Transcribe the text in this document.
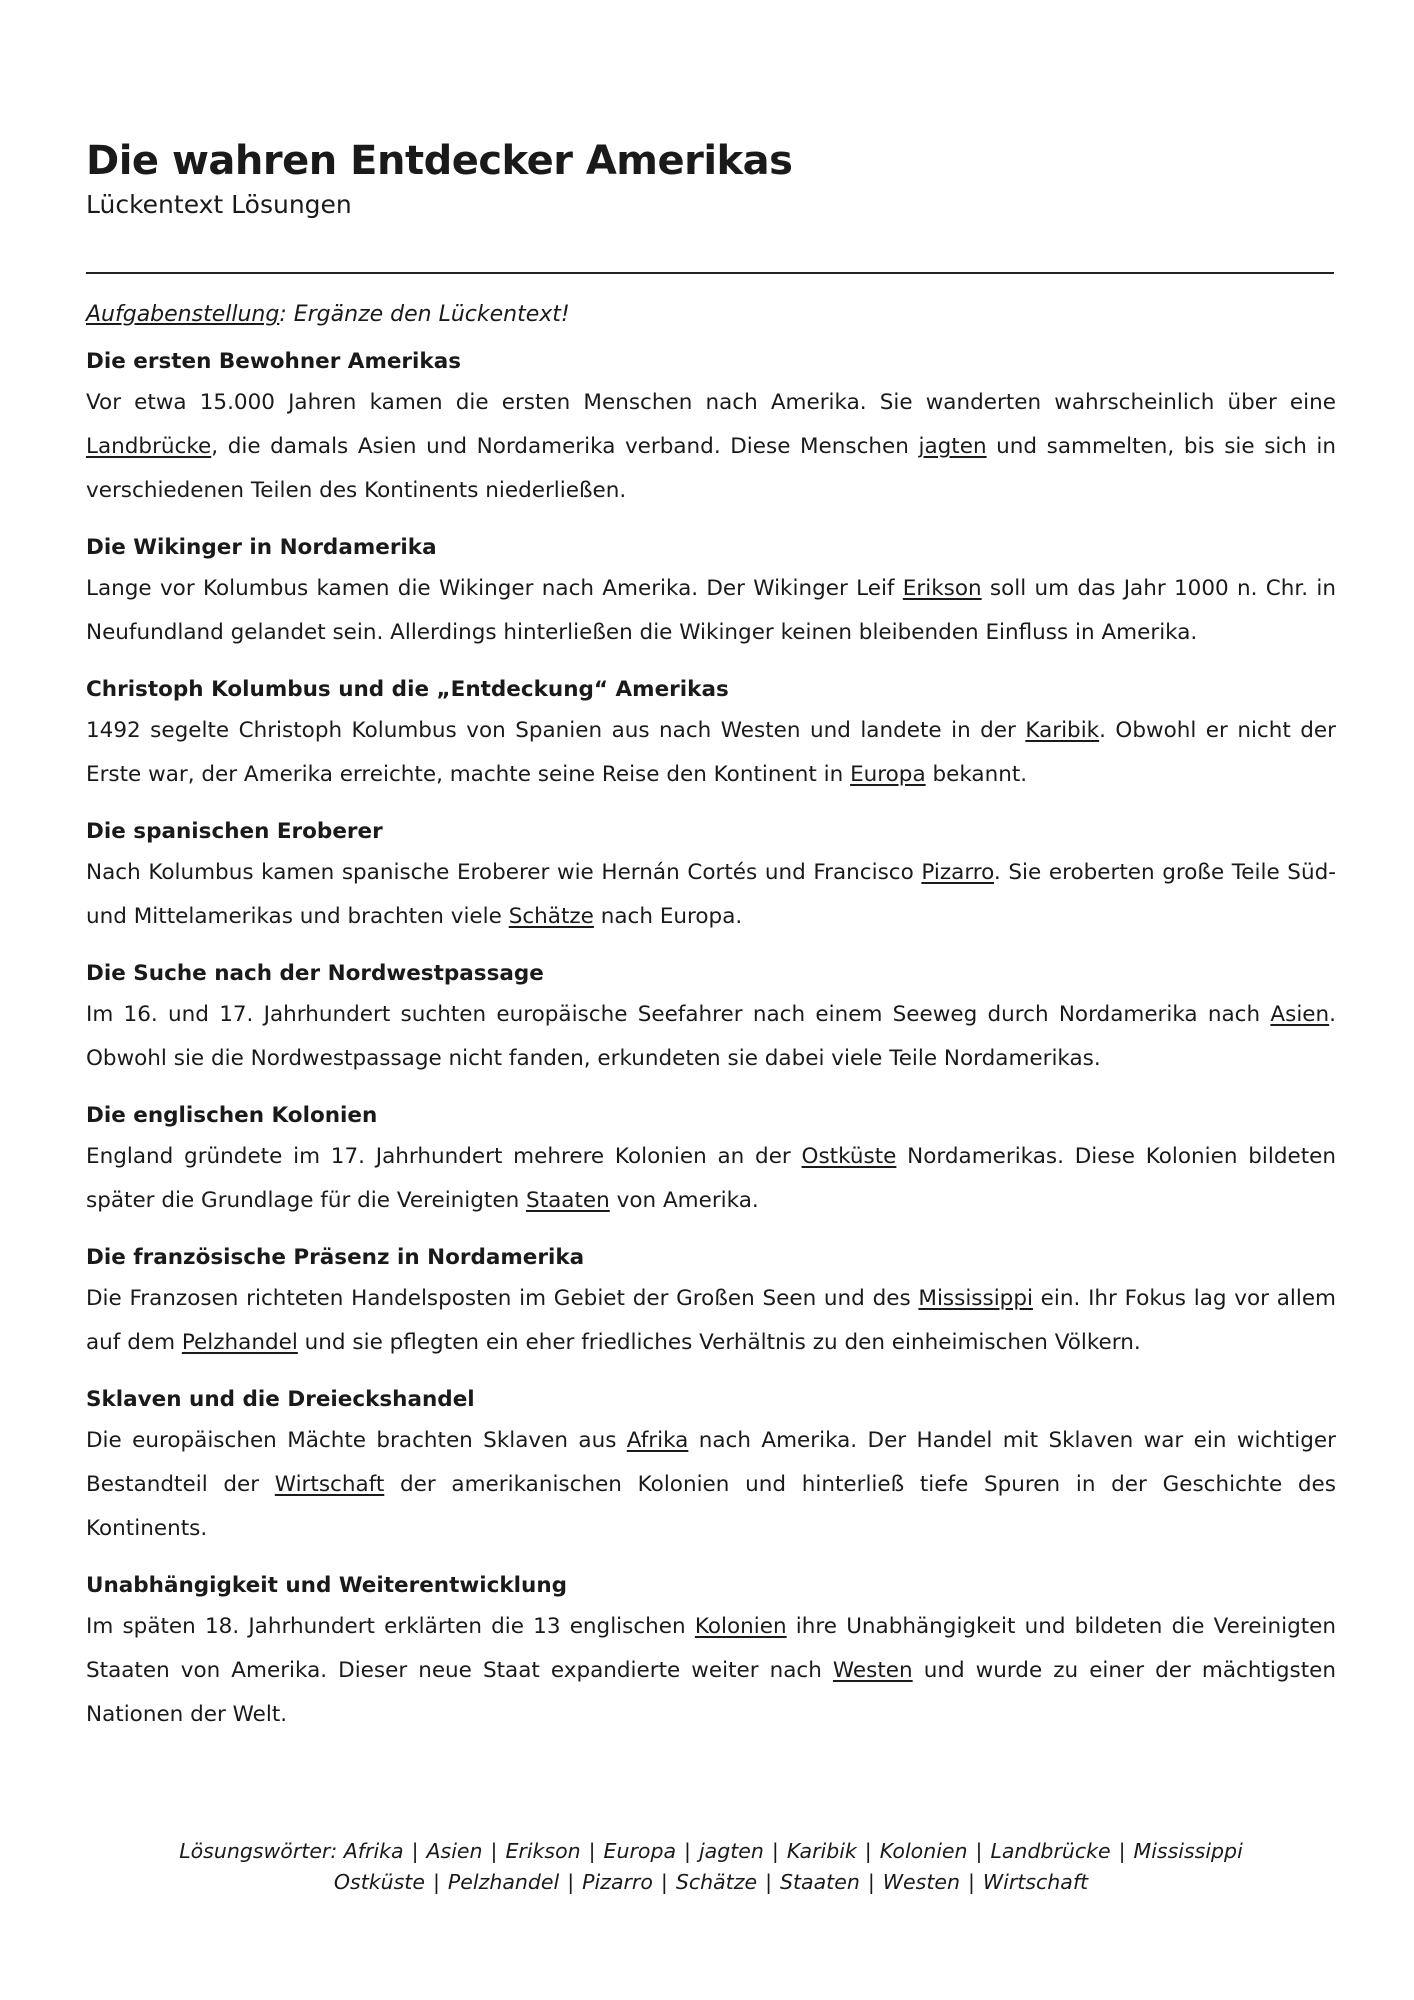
Die wahren Entdecker Amerikas
Lückentext Lösungen
Aufgabenstellung: Ergänze den Lückentext!
Die ersten Bewohner Amerikas
Vor etwa 15.000 Jahren kamen die ersten Menschen nach Amerika. Sie wanderten wahrscheinlich über eine Landbrücke, die damals Asien und Nordamerika verband. Diese Menschen jagten und sammelten, bis sie sich in verschiedenen Teilen des Kontinents niederließen.
Die Wikinger in Nordamerika
Lange vor Kolumbus kamen die Wikinger nach Amerika. Der Wikinger Leif Erikson soll um das Jahr 1000 n. Chr. in Neufundland gelandet sein. Allerdings hinterließen die Wikinger keinen bleibenden Einfluss in Amerika.
Christoph Kolumbus und die „Entdeckung“ Amerikas
1492 segelte Christoph Kolumbus von Spanien aus nach Westen und landete in der Karibik. Obwohl er nicht der Erste war, der Amerika erreichte, machte seine Reise den Kontinent in Europa bekannt.
Die spanischen Eroberer
Nach Kolumbus kamen spanische Eroberer wie Hernán Cortés und Francisco Pizarro. Sie eroberten große Teile Süd- und Mittelamerikas und brachten viele Schätze nach Europa.
Die Suche nach der Nordwestpassage
Im 16. und 17. Jahrhundert suchten europäische Seefahrer nach einem Seeweg durch Nordamerika nach Asien. Obwohl sie die Nordwestpassage nicht fanden, erkundeten sie dabei viele Teile Nordamerikas.
Die englischen Kolonien
England gründete im 17. Jahrhundert mehrere Kolonien an der Ostküste Nordamerikas. Diese Kolonien bildeten später die Grundlage für die Vereinigten Staaten von Amerika.
Die französische Präsenz in Nordamerika
Die Franzosen richteten Handelsposten im Gebiet der Großen Seen und des Mississippi ein. Ihr Fokus lag vor allem auf dem Pelzhandel und sie pflegten ein eher friedliches Verhältnis zu den einheimischen Völkern.
Sklaven und die Dreieckshandel
Die europäischen Mächte brachten Sklaven aus Afrika nach Amerika. Der Handel mit Sklaven war ein wichtiger Bestandteil der Wirtschaft der amerikanischen Kolonien und hinterließ tiefe Spuren in der Geschichte des Kontinents.
Unabhängigkeit und Weiterentwicklung
Im späten 18. Jahrhundert erklärten die 13 englischen Kolonien ihre Unabhängigkeit und bildeten die Vereinigten Staaten von Amerika. Dieser neue Staat expandierte weiter nach Westen und wurde zu einer der mächtigsten Nationen der Welt.
Lösungswörter: Afrika | Asien | Erikson | Europa | jagten | Karibik | Kolonien | Landbrücke | Mississippi
Ostküste | Pelzhandel | Pizarro | Schätze | Staaten | Westen | Wirtschaft
